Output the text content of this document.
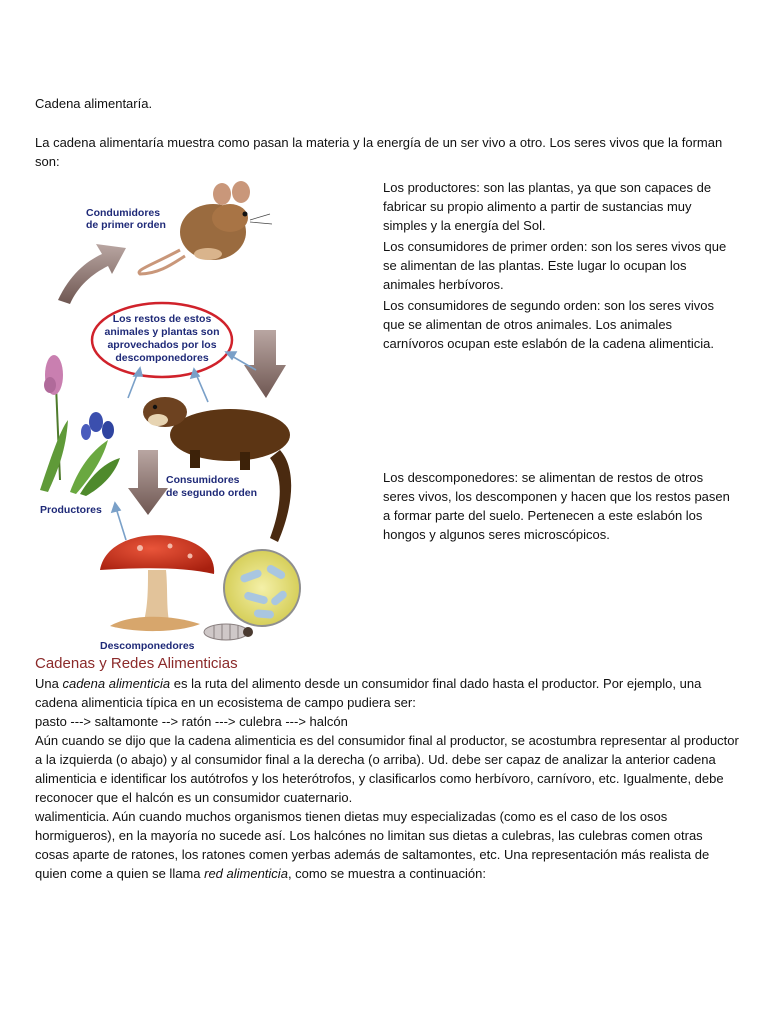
Cadena alimentaría.
La cadena alimentaría muestra como pasan la materia y la energía de un ser vivo a otro. Los seres vivos que la forman son:
Condumidores
de primer orden
Los restos de estos
animales y plantas son
aprovechados por los
descomponedores
Consumidores
de segundo orden
Productores
Descomponedores

Los productores: son las plantas, ya que son capaces de fabricar su propio alimento a partir de sustancias muy simples y la energía del Sol.

Los consumidores de primer orden: son los seres vivos que se alimentan de las plantas. Este lugar lo ocupan los animales herbívoros.

Los consumidores de segundo orden: son los seres vivos que se alimentan de otros animales. Los animales carnívoros ocupan este eslabón de la cadena alimenticia.

Los descomponedores: se alimentan de restos de otros seres vivos, los descomponen y hacen que los restos pasen a formar parte del suelo. Pertenecen a este eslabón los hongos y algunos seres microscópicos.

Cadenas y Redes Alimenticias

Una cadena alimenticia es la ruta del alimento desde un consumidor final dado hasta el productor. Por ejemplo, una cadena alimenticia típica en un ecosistema de campo pudiera ser:

pasto ---> saltamonte --> ratón ---> culebra ---> halcón

Aún cuando se dijo que la cadena alimenticia es del consumidor final al productor, se acostumbra representar al productor a la izquierda (o abajo) y al consumidor final a la derecha (o arriba). Ud. debe ser capaz de analizar la anterior cadena alimenticia e identificar los autótrofos y los heterótrofos, y clasificarlos como herbívoro, carnívoro, etc. Igualmente, debe reconocer que el halcón es un consumidor cuaternario.

walimenticia. Aún cuando muchos organismos tienen dietas muy especializadas (como es el caso de los osos hormigueros), en la mayoría no sucede así. Los halcónes no limitan sus dietas a culebras, las culebras comen otras cosas aparte de ratones, los ratones comen yerbas además de saltamontes, etc. Una representación más realista de quien come a quien se llama red alimenticia, como se muestra a continuación:
